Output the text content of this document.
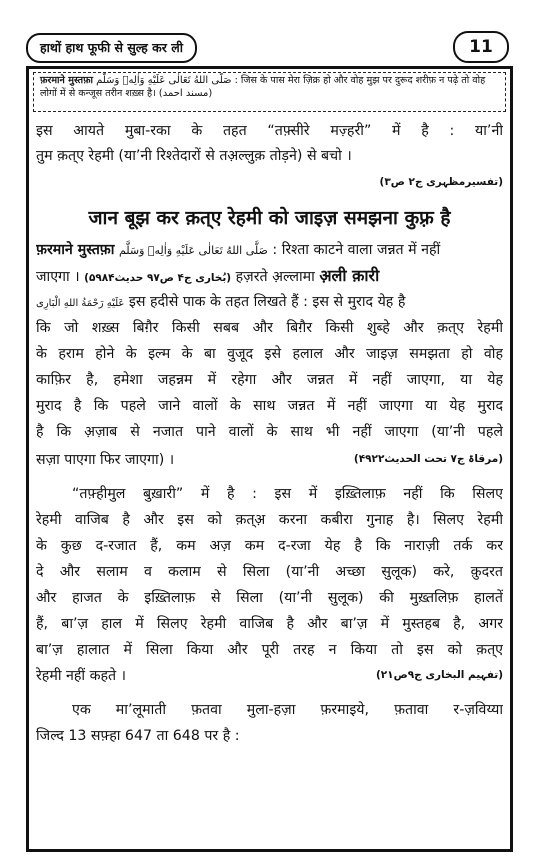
हाथों हाथ फूफी से सुल्ह कर ली	11
फ़रमाने मुस्तफ़ा صَلَّى اللهُ تَعَالٰى عَلَيْهِ وَاٰلِهٖ وَسَلَّم : जिस के पास मेरा ज़िक्र हो और वोह मुझ पर दुरूद शरीफ़ न पढ़े तो वोह लोगों में से कन्जूस तरीन शख़्स है। (مسند احمد)
इस आयते मुबा-रका के तहत “तफ़्सीरे मज़्हरी” में है : या’नी
तुम क़त्ए रेहमी (या’नी रिश्तेदारों से तअ़ल्लुक़ तोड़ने) से बचो ।
(تفسیرمظہری ج۲ ص۳)
जान बूझ कर क़त्ए रेहमी को जाइज़ समझना कुफ़्र है
फ़रमाने मुस्तफ़ा صَلَّى اللهُ تَعَالٰى عَلَيْهِ وَاٰلِهٖ وَسَلَّم : रिश्ता काटने वाला जन्नत में नहीं
जाएगा । (بُخاری ج۴ ص۹۷ حدیث۵۹۸۴) हज़रते अ़ल्लामा अ़ली क़ारी
عَلَيْهِ رَحْمَةُ اللهِ الْبَارِی इस हदीसे पाक के तहत लिखते हैं : इस से मुराद येह है
कि जो शख़्स बिग़ैर किसी सबब और बिग़ैर किसी शुब्हे और क़त्ए रेहमी
के हराम होने के इल्म के बा वुजूद इसे हलाल और जाइज़ समझता हो वोह
काफ़िर है, हमेशा जहन्नम में रहेगा और जन्नत में नहीं जाएगा, या येह
मुराद है कि पहले जाने वालों के साथ जन्नत में नहीं जाएगा या येह मुराद
है कि अ़ज़ाब से नजात पाने वालों के साथ भी नहीं जाएगा (या’नी पहले
सज़ा पाएगा फिर जाएगा) ।	(مرقاۃ ج۷ تحت الحدیث۴۹۲۲)
“तफ़्हीमुल बुख़ारी” में है : इस में इख़्तिलाफ़ नहीं कि सिलए
रेहमी वाजिब है और इस को क़त्अ़ करना कबीरा गुनाह है। सिलए रेहमी
के कुछ द-रजात हैं, कम अज़ कम द-रजा येह है कि नाराज़ी तर्क कर
दे और सलाम व कलाम से सिला (या’नी अच्छा सुलूक) करे, क़ुदरत
और हाजत के इख़्तिलाफ़ से सिला (या’नी सुलूक) की मुख़्तलिफ़ हालतें
हैं, बा’ज़ हाल में सिलए रेहमी वाजिब है और बा’ज़ में मुस्तहब है, अगर
बा’ज़ हालात में सिला किया और पूरी तरह न किया तो इस को क़त्ए
रेहमी नहीं कहते ।	(تفہیم البخاری ج۹ص۲۱)
एक मा’लूमाती फ़तवा मुला-हज़ा फ़रमाइये, फ़तावा र-ज़विय्या
जिल्द 13 सफ़्हा 647 ता 648 पर है :
